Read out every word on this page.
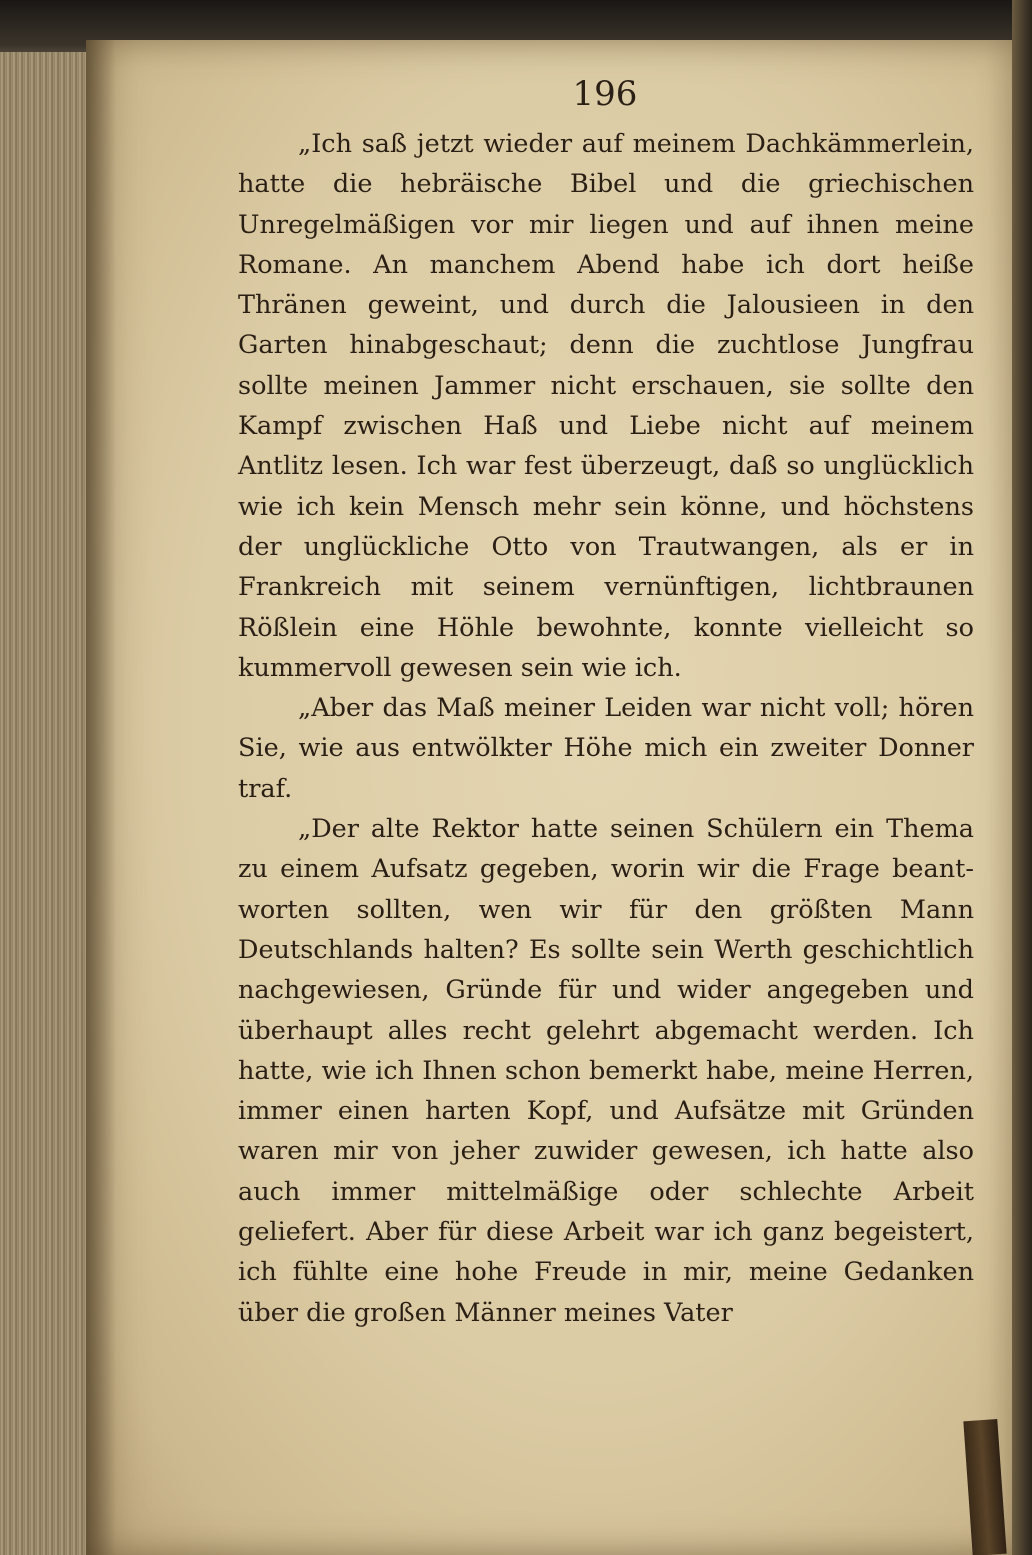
196

„Ich saß jetzt wieder auf meinem Dachkämmerlein, hatte die hebräische Bibel und die griechischen Unregelmäßigen vor mir liegen und auf ihnen meine Romane. An manchem Abend habe ich dort heiße Thränen geweint, und durch die Jalousieen in den Garten hinabgeschaut; denn die zuchtlose Jungfrau sollte meinen Jammer nicht erschauen, sie sollte den Kampf zwischen Haß und Liebe nicht auf meinem Antlitz lesen. Ich war fest überzeugt, daß so unglücklich wie ich kein Mensch mehr sein könne, und höchstens der unglückliche Otto von Trautwangen, als er in Frankreich mit seinem vernünftigen, lichtbraunen Rößlein eine Höhle bewohnte, konnte vielleicht so kummervoll gewesen sein wie ich.

„Aber das Maß meiner Leiden war nicht voll; hören Sie, wie aus entwölkter Höhe mich ein zweiter Donner traf.

„Der alte Rektor hatte seinen Schülern ein Thema zu einem Aufsatz gegeben, worin wir die Frage beantworten sollten, wen wir für den größten Mann Deutschlands halten? Es sollte sein Werth geschichtlich nachgewiesen, Gründe für und wider angegeben und überhaupt alles recht gelehrt abgemacht werden. Ich hatte, wie ich Ihnen schon bemerkt habe, meine Herren, immer einen harten Kopf, und Aufsätze mit Gründen waren mir von jeher zuwider gewesen, ich hatte also auch immer mittelmäßige oder schlechte Arbeit geliefert. Aber für diese Arbeit war ich ganz begeistert, ich fühlte eine hohe Freude in mir, meine Gedanken über die großen Männer meines Vater
